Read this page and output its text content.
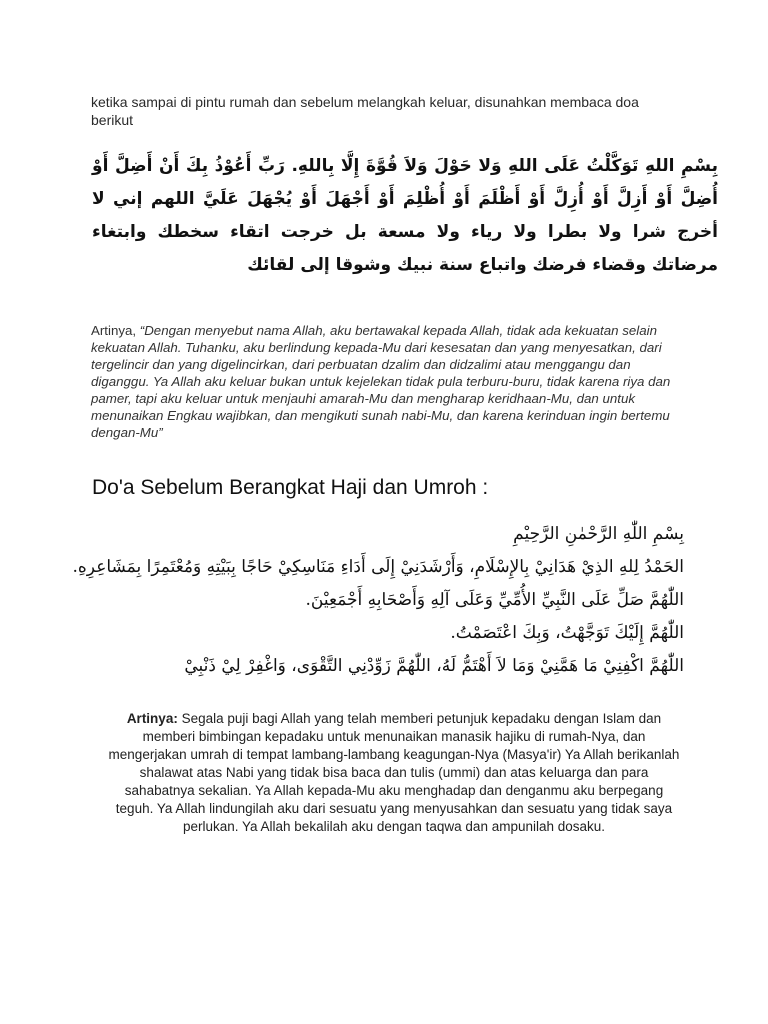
ketika sampai di pintu rumah dan sebelum melangkah keluar, disunahkan membaca doa berikut

بِسْمِ اللهِ تَوَكَّلْتُ عَلَى اللهِ وَلا حَوْلَ وَلاَ قُوَّةَ إِلَّا بِاللهِ. رَبِّ أَعُوْذُ بِكَ أَنْ أَضِلَّ أَوْ أُضِلَّ أَوْ أَزِلَّ أَوْ أُزِلَّ أَوْ أَظْلَمَ أَوْ أُظْلِمَ أَوْ أَجْهَلَ أَوْ يُجْهَلَ عَلَيَّ اللهم إني لا أخرج شرا ولا بطرا ولا رياء ولا مسعة بل خرجت اتقاء سخطك وابتغاء مرضاتك وقضاء فرضك واتباع سنة نبيك وشوقا إلى لقائك

Artinya, “Dengan menyebut nama Allah, aku bertawakal kepada Allah, tidak ada kekuatan selain kekuatan Allah. Tuhanku, aku berlindung kepada-Mu dari kesesatan dan yang menyesatkan, dari tergelincir dan yang digelincirkan, dari perbuatan dzalim dan didzalimi atau menggangu dan diganggu. Ya Allah aku keluar bukan untuk kejelekan tidak pula terburu-buru, tidak karena riya dan pamer, tapi aku keluar untuk menjauhi amarah-Mu dan mengharap keridhaan-Mu, dan untuk menunaikan Engkau wajibkan, dan mengikuti sunah nabi-Mu, dan karena kerinduan ingin bertemu dengan-Mu”

Do'a Sebelum Berangkat Haji dan Umroh :
بِسْمِ اللّٰهِ الرَّحْمٰنِ الرَّحِيْمِ
الحَمْدُ لِلهِ الذِيْ هَدَانِيْ بِالإِسْلَامِ، وَأَرْشَدَنِيْ إِلَى أَدَاءِ مَنَاسِكِيْ حَاجًا بِبَيْتِهِ وَمُعْتَمِرًا بِمَشَاعِرِهِ.
اللّٰهُمَّ صَلِّ عَلَى النَّبِيِّ الأُمِّيِّ وَعَلَى آلِهِ وَأَصْحَابِهِ أَجْمَعِيْنَ.
اللّٰهُمَّ إِلَيْكَ تَوَجَّهْتُ، وَبِكَ اعْتَصَمْتُ.
اللّٰهُمَّ اكْفِنِيْ مَا هَمَّنِيْ وَمَا لاَ أَهْتَمُّ لَهُ، اللّٰهُمَّ زَوِّدْنِي التَّقْوَى، وَاغْفِرْ لِيْ ذَنْبِيْ

Artinya: Segala puji bagi Allah yang telah memberi petunjuk kepadaku dengan Islam dan memberi bimbingan kepadaku untuk menunaikan manasik hajiku di rumah-Nya, dan mengerjakan umrah di tempat lambang-lambang keagungan-Nya (Masya'ir) Ya Allah berikanlah shalawat atas Nabi yang tidak bisa baca dan tulis (ummi) dan atas keluarga dan para sahabatnya sekalian. Ya Allah kepada-Mu aku menghadap dan denganmu aku berpegang teguh. Ya Allah lindungilah aku dari sesuatu yang menyusahkan dan sesuatu yang tidak saya perlukan. Ya Allah bekalilah aku dengan taqwa dan ampunilah dosaku.
